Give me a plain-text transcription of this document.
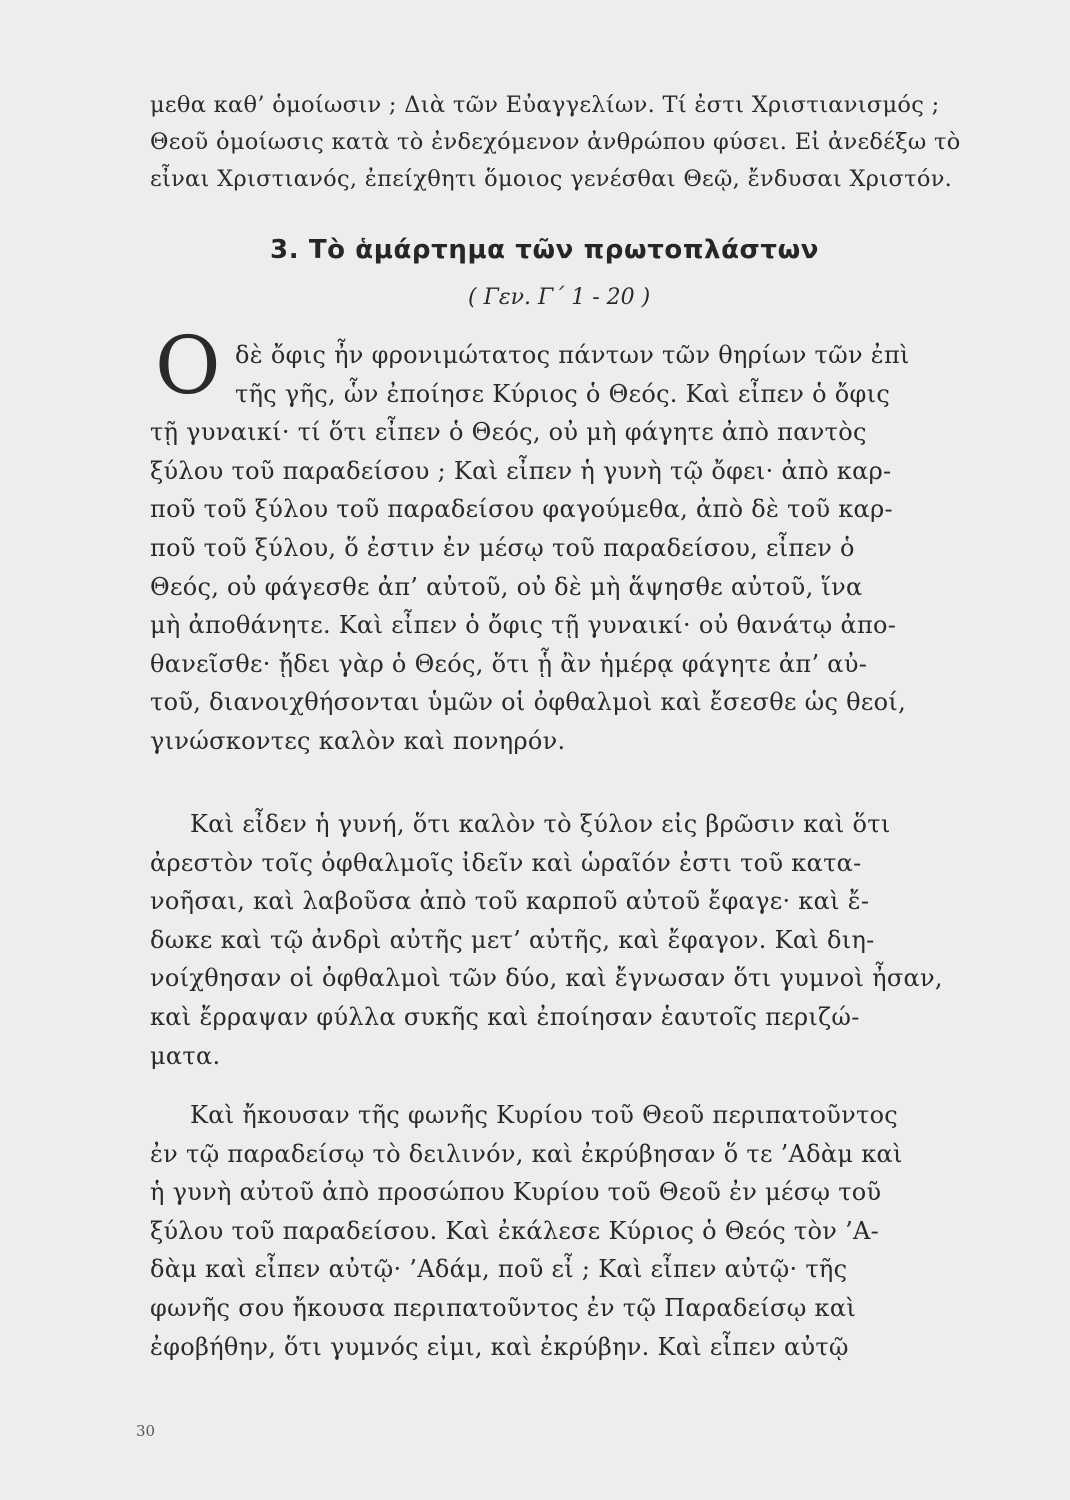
μεθα καθ’ ὁμοίωσιν ; Διὰ τῶν Εὐαγγελίων. Τί ἐστι Χριστιανισμός ;
Θεοῦ ὁμοίωσις κατὰ τὸ ἐνδεχόμενον ἀνθρώπου φύσει. Εἰ ἀνεδέξω τὸ
εἶναι Χριστιανός, ἐπείχθητι ὅμοιος γενέσθαι Θεῷ, ἔνδυσαι Χριστόν.
3. Τὸ ἁμάρτημα τῶν πρωτοπλάστων
( Γεν. Γ΄ 1 - 20 )
Ο δὲ ὄφις ἦν φρονιμώτατος πάντων τῶν θηρίων τῶν ἐπὶ
τῆς γῆς, ὧν ἐποίησε Κύριος ὁ Θεός. Καὶ εἶπεν ὁ ὄφις
τῇ γυναικί· τί ὅτι εἶπεν ὁ Θεός, οὐ μὴ φάγητε ἀπὸ παντὸς
ξύλου τοῦ παραδείσου ; Καὶ εἶπεν ἡ γυνὴ τῷ ὄφει· ἀπὸ καρ-
ποῦ τοῦ ξύλου τοῦ παραδείσου φαγούμεθα, ἀπὸ δὲ τοῦ καρ-
ποῦ τοῦ ξύλου, ὅ ἐστιν ἐν μέσῳ τοῦ παραδείσου, εἶπεν ὁ
Θεός, οὐ φάγεσθε ἀπ’ αὐτοῦ, οὐ δὲ μὴ ἅψησθε αὐτοῦ, ἵνα
μὴ ἀποθάνητε. Καὶ εἶπεν ὁ ὄφις τῇ γυναικί· οὐ θανάτῳ ἀπο-
θανεῖσθε· ᾔδει γὰρ ὁ Θεός, ὅτι ᾗ ἂν ἡμέρᾳ φάγητε ἀπ’ αὐ-
τοῦ, διανοιχθήσονται ὑμῶν οἱ ὀφθαλμοὶ καὶ ἔσεσθε ὡς θεοί,
γινώσκοντες καλὸν καὶ πονηρόν.
Καὶ εἶδεν ἡ γυνή, ὅτι καλὸν τὸ ξύλον εἰς βρῶσιν καὶ ὅτι
ἀρεστὸν τοῖς ὀφθαλμοῖς ἰδεῖν καὶ ὡραῖόν ἐστι τοῦ κατα-
νοῆσαι, καὶ λαβοῦσα ἀπὸ τοῦ καρποῦ αὐτοῦ ἔφαγε· καὶ ἔ-
δωκε καὶ τῷ ἀνδρὶ αὐτῆς μετ’ αὐτῆς, καὶ ἔφαγον. Καὶ διη-
νοίχθησαν οἱ ὀφθαλμοὶ τῶν δύο, καὶ ἔγνωσαν ὅτι γυμνοὶ ἦσαν,
καὶ ἔρραψαν φύλλα συκῆς καὶ ἐποίησαν ἑαυτοῖς περιζώ-
ματα.
Καὶ ἤκουσαν τῆς φωνῆς Κυρίου τοῦ Θεοῦ περιπατοῦντος
ἐν τῷ παραδείσῳ τὸ δειλινόν, καὶ ἐκρύβησαν ὅ τε ’Αδὰμ καὶ
ἡ γυνὴ αὐτοῦ ἀπὸ προσώπου Κυρίου τοῦ Θεοῦ ἐν μέσῳ τοῦ
ξύλου τοῦ παραδείσου. Καὶ ἐκάλεσε Κύριος ὁ Θεός τὸν ’Α-
δὰμ καὶ εἶπεν αὐτῷ· ’Αδάμ, ποῦ εἶ ; Καὶ εἶπεν αὐτῷ· τῆς
φωνῆς σου ἤκουσα περιπατοῦντος ἐν τῷ Παραδείσῳ καὶ
ἐφοβήθην, ὅτι γυμνός εἰμι, καὶ ἐκρύβην. Καὶ εἶπεν αὐτῷ
30
